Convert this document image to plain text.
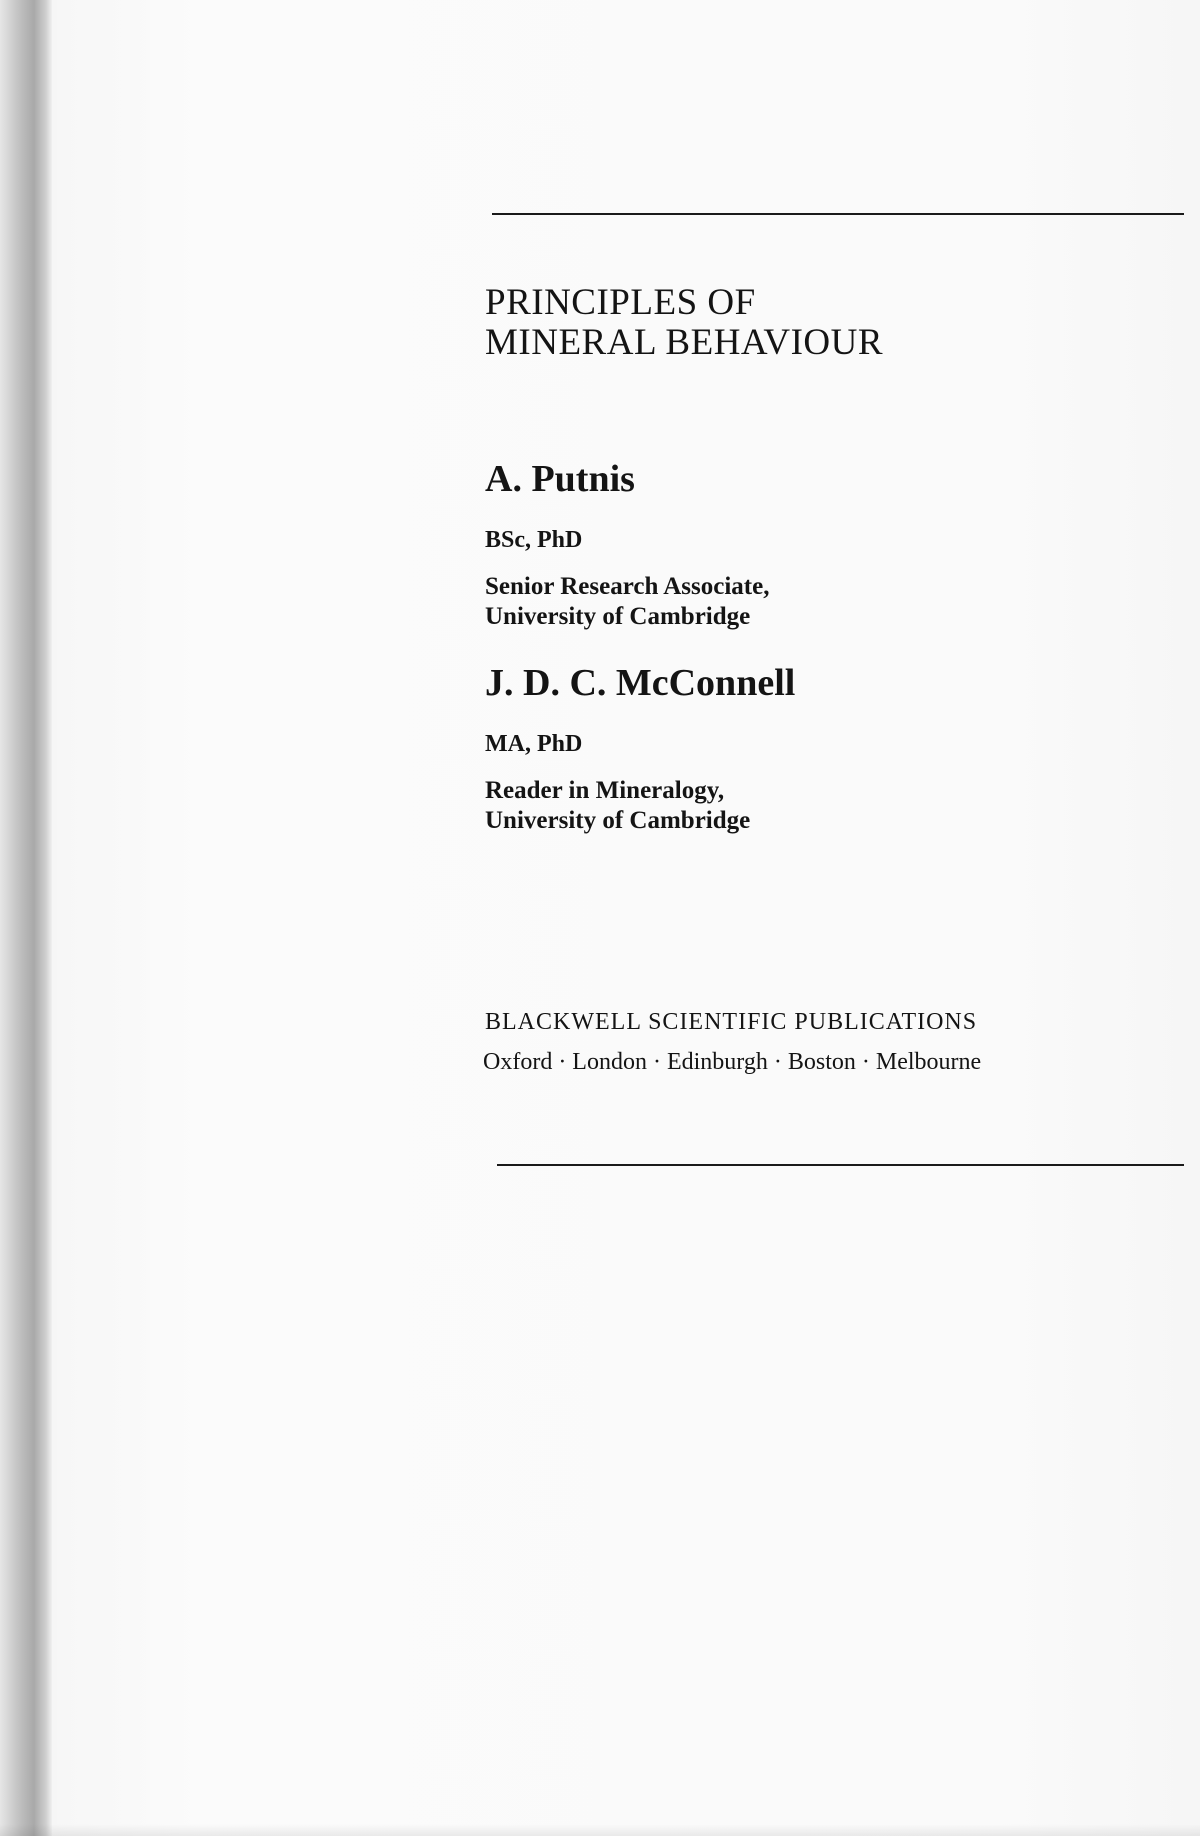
PRINCIPLES OF
MINERAL BEHAVIOUR
A. Putnis
BSc, PhD
Senior Research Associate,
University of Cambridge
J. D. C. McConnell
MA, PhD
Reader in Mineralogy,
University of Cambridge
BLACKWELL SCIENTIFIC PUBLICATIONS
Oxford · London · Edinburgh · Boston · Melbourne
